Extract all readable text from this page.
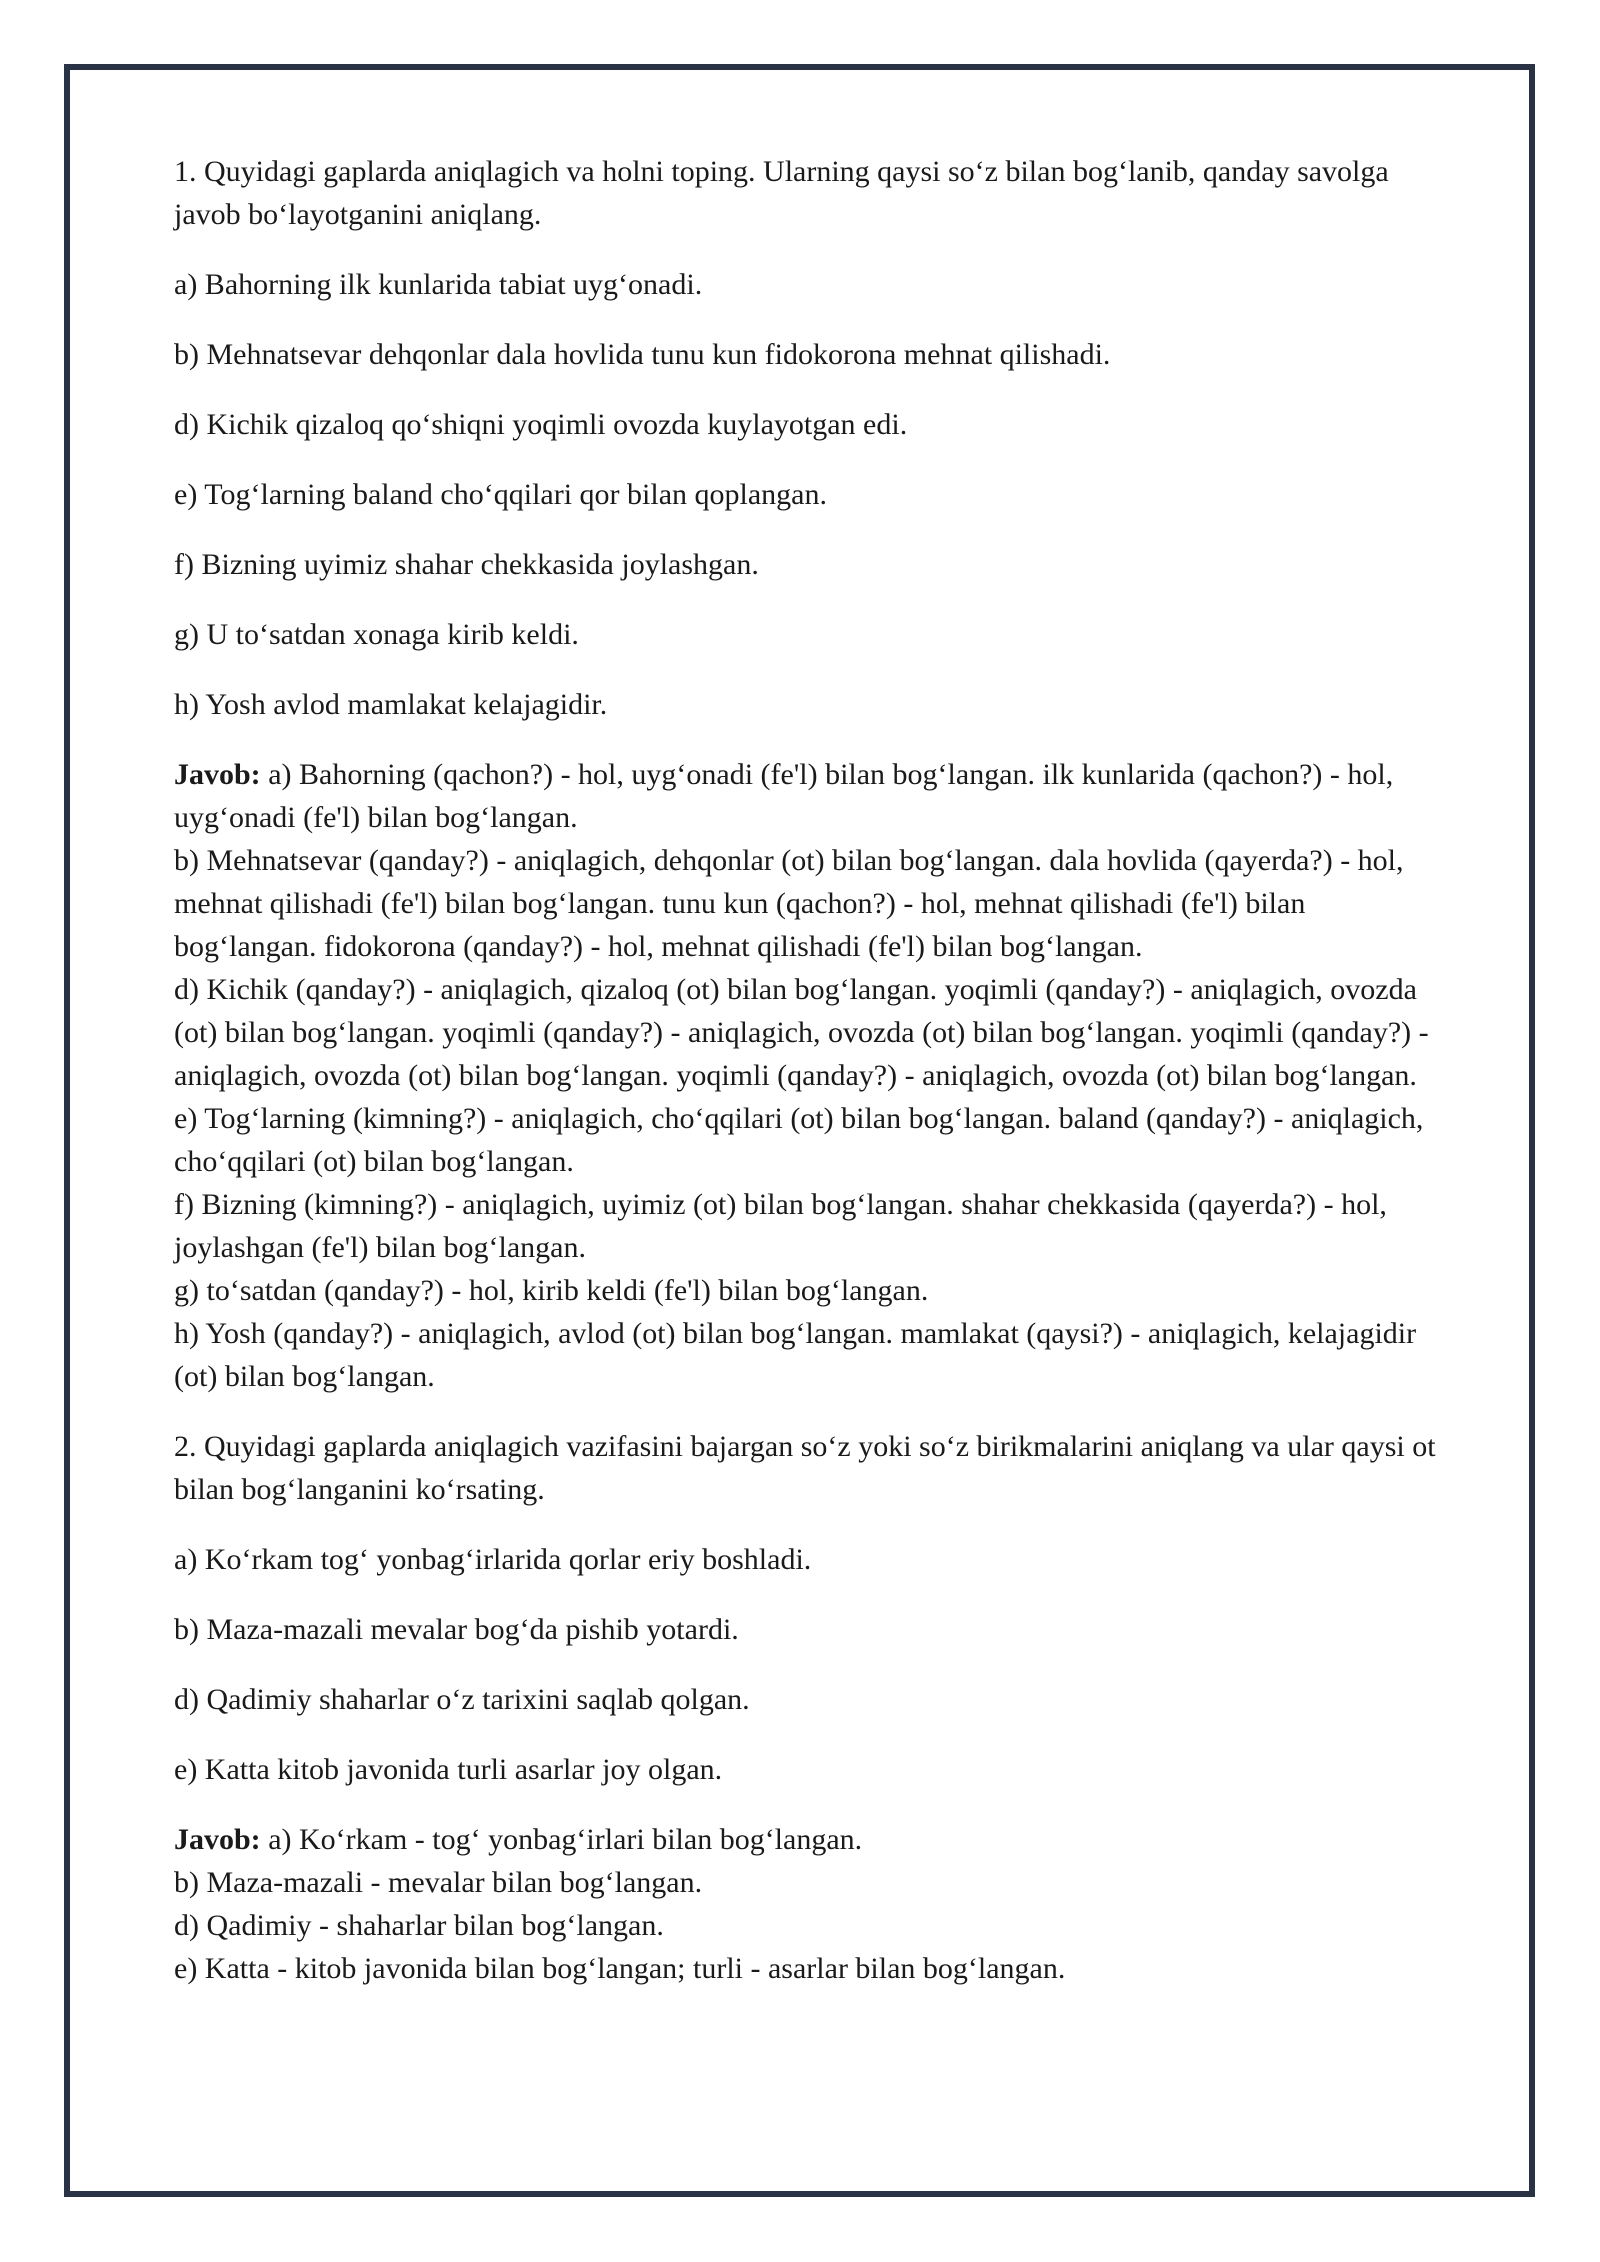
1. Quyidagi gaplarda aniqlagich va holni toping. Ularning qaysi so‘z bilan bog‘lanib, qanday savolga javob bo‘layotganini aniqlang.

a) Bahorning ilk kunlarida tabiat uyg‘onadi.

b) Mehnatsevar dehqonlar dala hovlida tunu kun fidokorona mehnat qilishadi.

d) Kichik qizaloq qo‘shiqni yoqimli ovozda kuylayotgan edi.

e) Tog‘larning baland cho‘qqilari qor bilan qoplangan.

f) Bizning uyimiz shahar chekkasida joylashgan.

g) U to‘satdan xonaga kirib keldi.

h) Yosh avlod mamlakat kelajagidir.

Javob: a) Bahorning (qachon?) - hol, uyg‘onadi (fe'l) bilan bog‘langan. ilk kunlarida (qachon?) - hol, uyg‘onadi (fe'l) bilan bog‘langan.
b) Mehnatsevar (qanday?) - aniqlagich, dehqonlar (ot) bilan bog‘langan. dala hovlida (qayerda?) - hol, mehnat qilishadi (fe'l) bilan bog‘langan. tunu kun (qachon?) - hol, mehnat qilishadi (fe'l) bilan bog‘langan. fidokorona (qanday?) - hol, mehnat qilishadi (fe'l) bilan bog‘langan.
d) Kichik (qanday?) - aniqlagich, qizaloq (ot) bilan bog‘langan. yoqimli (qanday?) - aniqlagich, ovozda (ot) bilan bog‘langan. yoqimli (qanday?) - aniqlagich, ovozda (ot) bilan bog‘langan. yoqimli (qanday?) - aniqlagich, ovozda (ot) bilan bog‘langan. yoqimli (qanday?) - aniqlagich, ovozda (ot) bilan bog‘langan.
e) Tog‘larning (kimning?) - aniqlagich, cho‘qqilari (ot) bilan bog‘langan. baland (qanday?) - aniqlagich, cho‘qqilari (ot) bilan bog‘langan.
f) Bizning (kimning?) - aniqlagich, uyimiz (ot) bilan bog‘langan. shahar chekkasida (qayerda?) - hol, joylashgan (fe'l) bilan bog‘langan.
g) to‘satdan (qanday?) - hol, kirib keldi (fe'l) bilan bog‘langan.
h) Yosh (qanday?) - aniqlagich, avlod (ot) bilan bog‘langan. mamlakat (qaysi?) - aniqlagich, kelajagidir (ot) bilan bog‘langan.

2. Quyidagi gaplarda aniqlagich vazifasini bajargan so‘z yoki so‘z birikmalarini aniqlang va ular qaysi ot bilan bog‘langanini ko‘rsating.

a) Ko‘rkam tog‘ yonbag‘irlarida qorlar eriy boshladi.

b) Maza-mazali mevalar bog‘da pishib yotardi.

d) Qadimiy shaharlar o‘z tarixini saqlab qolgan.

e) Katta kitob javonida turli asarlar joy olgan.

Javob: a) Ko‘rkam - tog‘ yonbag‘irlari bilan bog‘langan.
b) Maza-mazali - mevalar bilan bog‘langan.
d) Qadimiy - shaharlar bilan bog‘langan.
e) Katta - kitob javonida bilan bog‘langan; turli - asarlar bilan bog‘langan.
